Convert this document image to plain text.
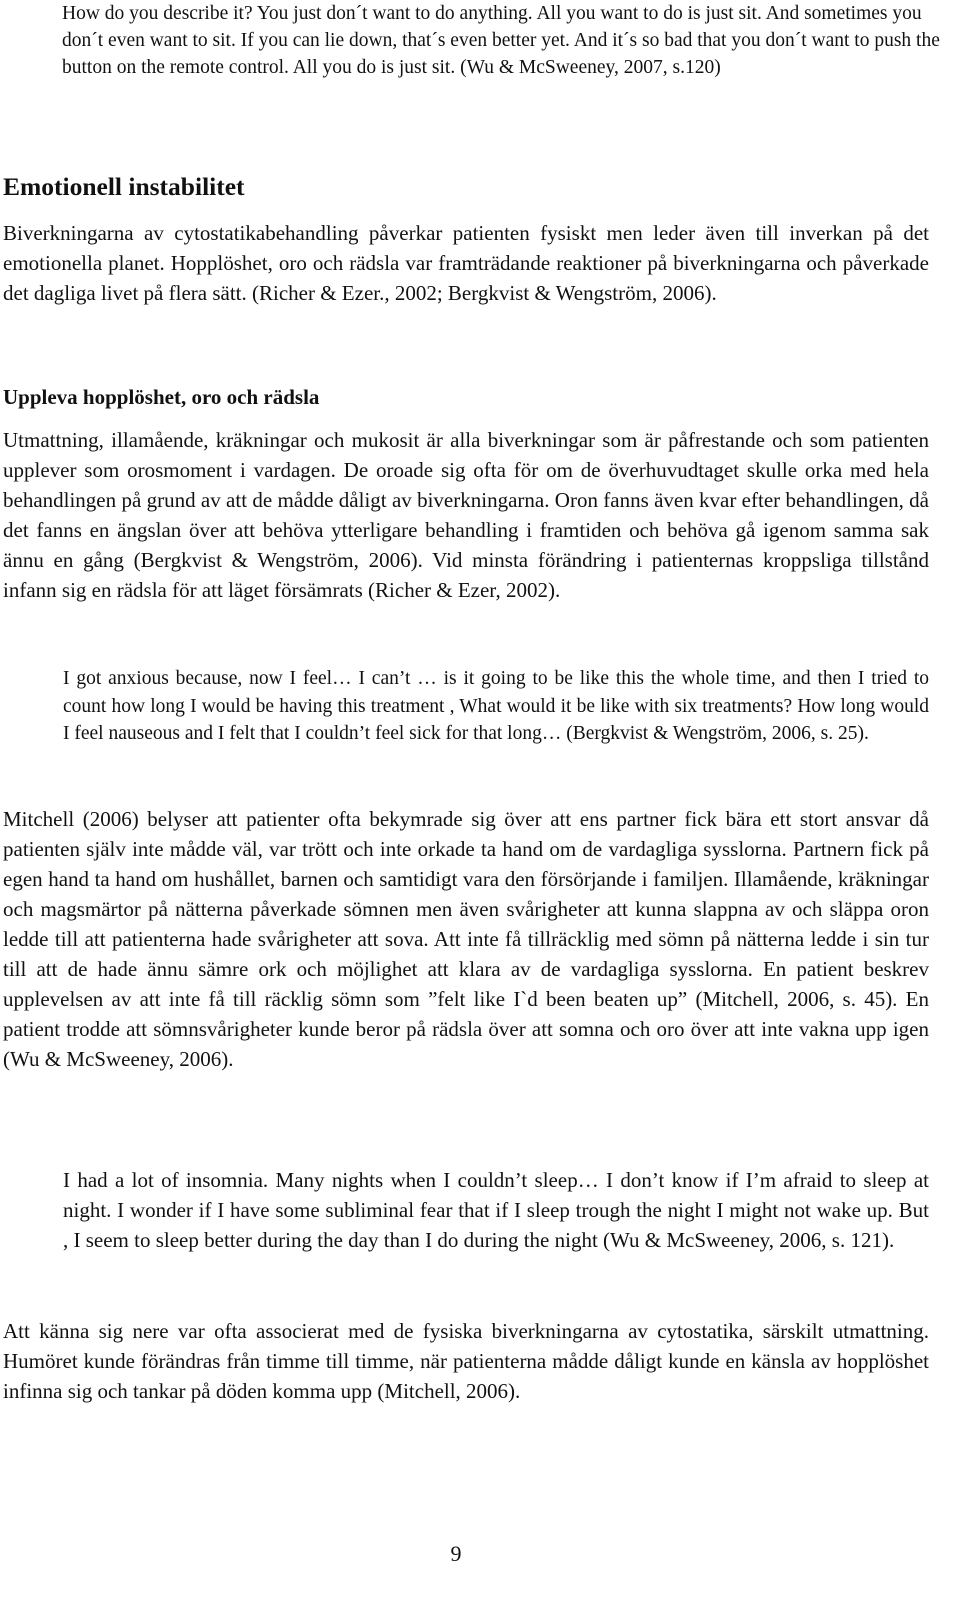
How do you describe it? You just don´t want to do anything. All you want to do is just sit. And sometimes you don´t even want to sit. If you can lie down, that´s even better yet. And it´s so bad that you don´t want to push the button on the remote control. All you do is just sit. (Wu & McSweeney, 2007, s.120)

Emotionell instabilitet

Biverkningarna av cytostatikabehandling påverkar patienten fysiskt men leder även till inverkan på det emotionella planet. Hopplöshet, oro och rädsla var framträdande reaktioner på biverkningarna och påverkade det dagliga livet på flera sätt. (Richer & Ezer., 2002; Bergkvist & Wengström, 2006).

Uppleva hopplöshet, oro och rädsla

Utmattning, illamående, kräkningar och mukosit är alla biverkningar som är påfrestande och som patienten upplever som orosmoment i vardagen. De oroade sig ofta för om de överhuvudtaget skulle orka med hela behandlingen på grund av att de mådde dåligt av biverkningarna. Oron fanns även kvar efter behandlingen, då det fanns en ängslan över att behöva ytterligare behandling i framtiden och behöva gå igenom samma sak ännu en gång (Bergkvist & Wengström, 2006). Vid minsta förändring i patienternas kroppsliga tillstånd infann sig en rädsla för att läget försämrats (Richer & Ezer, 2002).

I got anxious because, now I feel… I can’t … is it going to be like this the whole time, and then I tried to count how long I would be having this treatment , What would it be like with six treatments? How long would I feel nauseous and I felt that I couldn’t feel sick for that long… (Bergkvist & Wengström, 2006, s. 25).

Mitchell (2006) belyser att patienter ofta bekymrade sig över att ens partner fick bära ett stort ansvar då patienten själv inte mådde väl, var trött och inte orkade ta hand om de vardagliga sysslorna. Partnern fick på egen hand ta hand om hushållet, barnen och samtidigt vara den försörjande i familjen. Illamående, kräkningar och magsmärtor på nätterna påverkade sömnen men även svårigheter att kunna slappna av och släppa oron ledde till att patienterna hade svårigheter att sova. Att inte få tillräcklig med sömn på nätterna ledde i sin tur till att de hade ännu sämre ork och möjlighet att klara av de vardagliga sysslorna. En patient beskrev upplevelsen av att inte få till räcklig sömn som ”felt like I`d been beaten up” (Mitchell, 2006, s. 45). En patient trodde att sömnsvårigheter kunde beror på rädsla över att somna och oro över att inte vakna upp igen (Wu & McSweeney, 2006).

I had a lot of insomnia. Many nights when I couldn’t sleep… I don’t know if I’m afraid to sleep at night. I wonder if I have some subliminal fear that if I sleep trough the night I might not wake up. But , I seem to sleep better during the day than I do during the night (Wu & McSweeney, 2006, s. 121).

Att känna sig nere var ofta associerat med de fysiska biverkningarna av cytostatika, särskilt utmattning. Humöret kunde förändras från timme till timme, när patienterna mådde dåligt kunde en känsla av hopplöshet infinna sig och tankar på döden komma upp (Mitchell, 2006).

9
